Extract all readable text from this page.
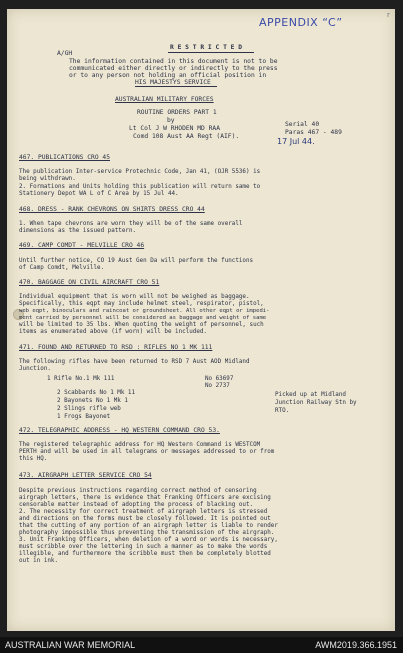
APPENDIX “C”
r
A/GH
R E S T R I C T E D
The information contained in this document is not to be
communicated either directly or indirectly to the press
or to any person not holding an official position in
HIS MAJESTYS SERVICE
AUSTRALIAN MILITARY FORCES
ROUTINE ORDERS PART 1
by
Lt Col J W RHODEN MD RAA
Comd 108 Aust AA Regt (AIF).
Serial 40
Paras 467 - 489
17 Jul 44.
467. PUBLICATIONS CRO 45
The publication Inter-service Protechnic Code, Jan 41, (OJR 5536) is
being withdrawn.
2. Formations and Units holding this publication will return same to
Stationery Depot WA L of C Area by 15 Jul 44.
468. DRESS - RANK CHEVRONS ON SHIRTS DRESS CRO 44
1. When tape chevrons are worn they will be of the same overall
dimensions as the issued pattern.
469. CAMP COMDT - MELVILLE CRO 46
Until further notice, CO 19 Aust Gen Da will perform the functions
of Camp Comdt, Melville.
470. BAGGAGE ON CIVIL AIRCRAFT CRO 51
Individual equipment that is worn will not be weighed as baggage.
Specifically, this eqpt may include helmet steel, respirator, pistol,
web eqpt, binoculars and raincoat or groundsheet. All other eqpt or impedi-
ment carried by personnel will be considered as baggage and weight of same
will be limited to 35 lbs. When quoting the weight of personnel, such
items as enumerated above (if worn) will be included.
471. FOUND AND RETURNED TO RSD : RIFLES NO 1 MK 111
The following rifles have been returned to RSD 7 Aust AOD Midland
Junction.
1 Rifle No.1 Mk 111
2 Scabbards No 1 Mk 11
2 Bayonets No 1 Mk 1
2 Slings rifle web
1 Frogs Bayonet
No 63697
No 2737
Picked up at Midland
Junction Railway Stn by
RTO.
472. TELEGRAPHIC ADDRESS - HQ WESTERN COMMAND CRO 53.
The registered telegraphic address for HQ Western Command is WESTCOM
PERTH and will be used in all telegrams or messages addressed to or from
this HQ.
473. AIRGRAPH LETTER SERVICE CRO 54
Despite previous instructions regarding correct method of censoring
airgraph letters, there is evidence that Franking Officers are excising
censorable matter instead of adopting the process of blacking out.
2. The necessity for correct treatment of airgraph letters is stressed
and directions on the forms must be closely followed. It is pointed out
that the cutting of any portion of an airgraph letter is liable to render
photography impossible thus preventing the transmission of the airgraph.
3. Unit Franking Officers, when deletion of a word or words is necessary,
must scribble over the lettering in such a manner as to make the words
illegible, and furthermore the scribble must then be completely blotted
out in ink.
AUSTRALIAN WAR MEMORIAL	AWM2019.366.1951
